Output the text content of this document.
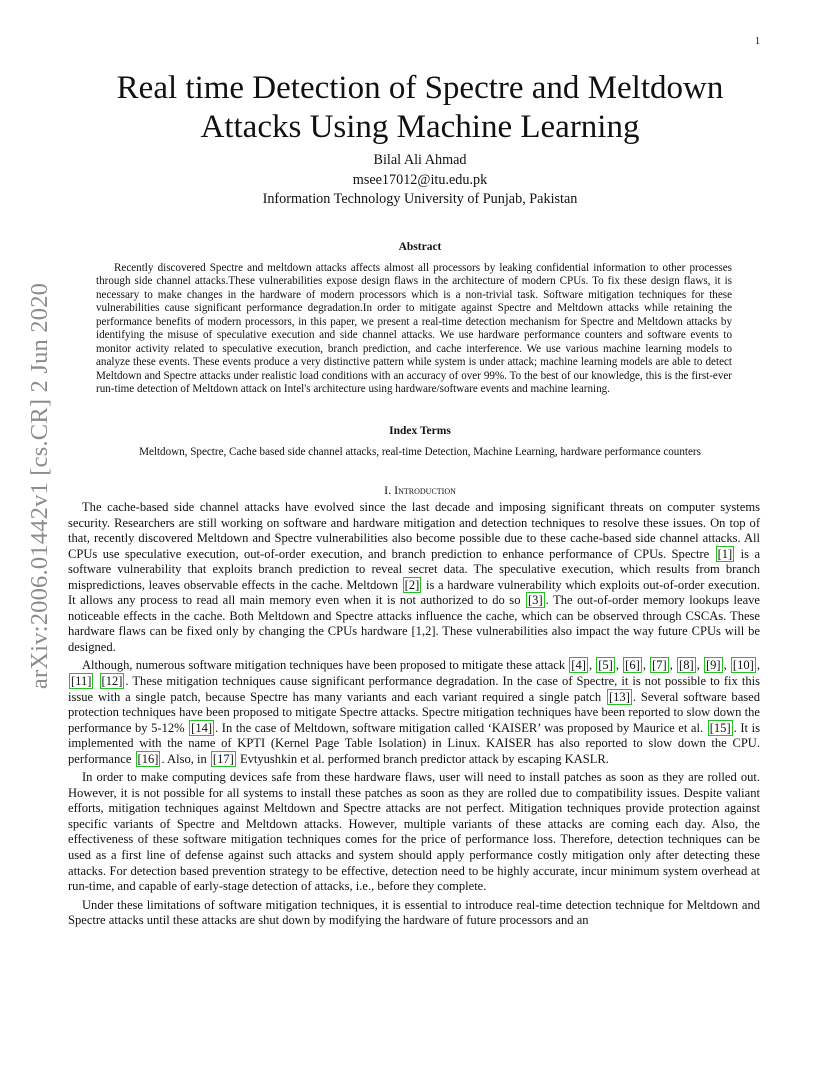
1
arXiv:2006.01442v1 [cs.CR] 2 Jun 2020
Real time Detection of Spectre and Meltdown
Attacks Using Machine Learning
Bilal Ali Ahmad
msee17012@itu.edu.pk
Information Technology University of Punjab, Pakistan
Abstract

Recently discovered Spectre and meltdown attacks affects almost all processors by leaking confidential information to other processes through side channel attacks.These vulnerabilities expose design flaws in the architecture of modern CPUs. To fix these design flaws, it is necessary to make changes in the hardware of modern processors which is a non-trivial task. Software mitigation techniques for these vulnerabilities cause significant performance degradation.In order to mitigate against Spectre and Meltdown attacks while retaining the performance benefits of modern processors, in this paper, we present a real-time detection mechanism for Spectre and Meltdown attacks by identifying the misuse of speculative execution and side channel attacks. We use hardware performance counters and software events to monitor activity related to speculative execution, branch prediction, and cache interference. We use various machine learning models to analyze these events. These events produce a very distinctive pattern while system is under attack; machine learning models are able to detect Meltdown and Spectre attacks under realistic load conditions with an accuracy of over 99%. To the best of our knowledge, this is the first-ever run-time detection of Meltdown attack on Intel's architecture using hardware/software events and machine learning.

Index Terms
Meltdown, Spectre, Cache based side channel attacks, real-time Detection, Machine Learning, hardware performance counters
I. Introduction

The cache-based side channel attacks have evolved since the last decade and imposing significant threats on computer systems security. Researchers are still working on software and hardware mitigation and detection techniques to resolve these issues. On top of that, recently discovered Meltdown and Spectre vulnerabilities also become possible due to these cache-based side channel attacks. All CPUs use speculative execution, out-of-order execution, and branch prediction to enhance performance of CPUs. Spectre [1] is a software vulnerability that exploits branch prediction to reveal secret data. The speculative execution, which results from branch mispredictions, leaves observable effects in the cache. Meltdown [2] is a hardware vulnerability which exploits out-of-order execution. It allows any process to read all main memory even when it is not authorized to do so [3] . The out-of-order memory lookups leave noticeable effects in the cache. Both Meltdown and Spectre attacks influence the cache, which can be observed through CSCAs. These hardware flaws can be fixed only by changing the CPUs hardware [1,2]. These vulnerabilities also impact the way future CPUs will be designed.

Although, numerous software mitigation techniques have been proposed to mitigate these attack [4] , [5] , [6] , [7] , [8] , [9] , [10] , [11] [12] . These mitigation techniques cause significant performance degradation. In the case of Spectre, it is not possible to fix this issue with a single patch, because Spectre has many variants and each variant required a single patch [13] . Several software based protection techniques have been proposed to mitigate Spectre attacks. Spectre mitigation techniques have been reported to slow down the performance by 5-12% [14] . In the case of Meltdown, software mitigation called ‘KAISER’ was proposed by Maurice et al. [15] . It is implemented with the name of KPTI (Kernel Page Table Isolation) in Linux. KAISER has also reported to slow down the CPU. performance [16] . Also, in [17] Evtyushkin et al. performed branch predictor attack by escaping KASLR.

In order to make computing devices safe from these hardware flaws, user will need to install patches as soon as they are rolled out. However, it is not possible for all systems to install these patches as soon as they are rolled due to compatibility issues. Despite valiant efforts, mitigation techniques against Meltdown and Spectre attacks are not perfect. Mitigation techniques provide protection against specific variants of Spectre and Meltdown attacks. However, multiple variants of these attacks are coming each day. Also, the effectiveness of these software mitigation techniques comes for the price of performance loss. Therefore, detection techniques can be used as a first line of defense against such attacks and system should apply performance costly mitigation only after detecting these attacks. For detection based prevention strategy to be effective, detection need to be highly accurate, incur minimum system overhead at run-time, and capable of early-stage detection of attacks, i.e., before they complete.

Under these limitations of software mitigation techniques, it is essential to introduce real-time detection technique for Meltdown and Spectre attacks until these attacks are shut down by modifying the hardware of future processors and an
